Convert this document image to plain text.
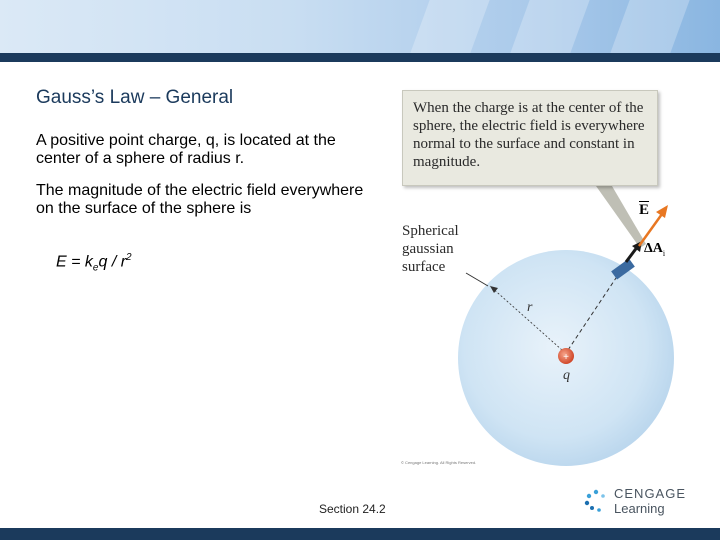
Gauss’s Law – General
A positive point charge, q, is located at the center of a sphere of radius r.
The magnitude of the electric field everywhere on the surface of the sphere is
$E = k_eq / r^2$
+
When the charge is at the center of the sphere, the electric field is everywhere normal to the surface and constant in magnitude.
Spherical gaussian surface
r
q
$\overline{E}$
$\Delta A_i$
© Cengage Learning. All Rights Reserved.
Section 24.2
CENGAGE
Learning
